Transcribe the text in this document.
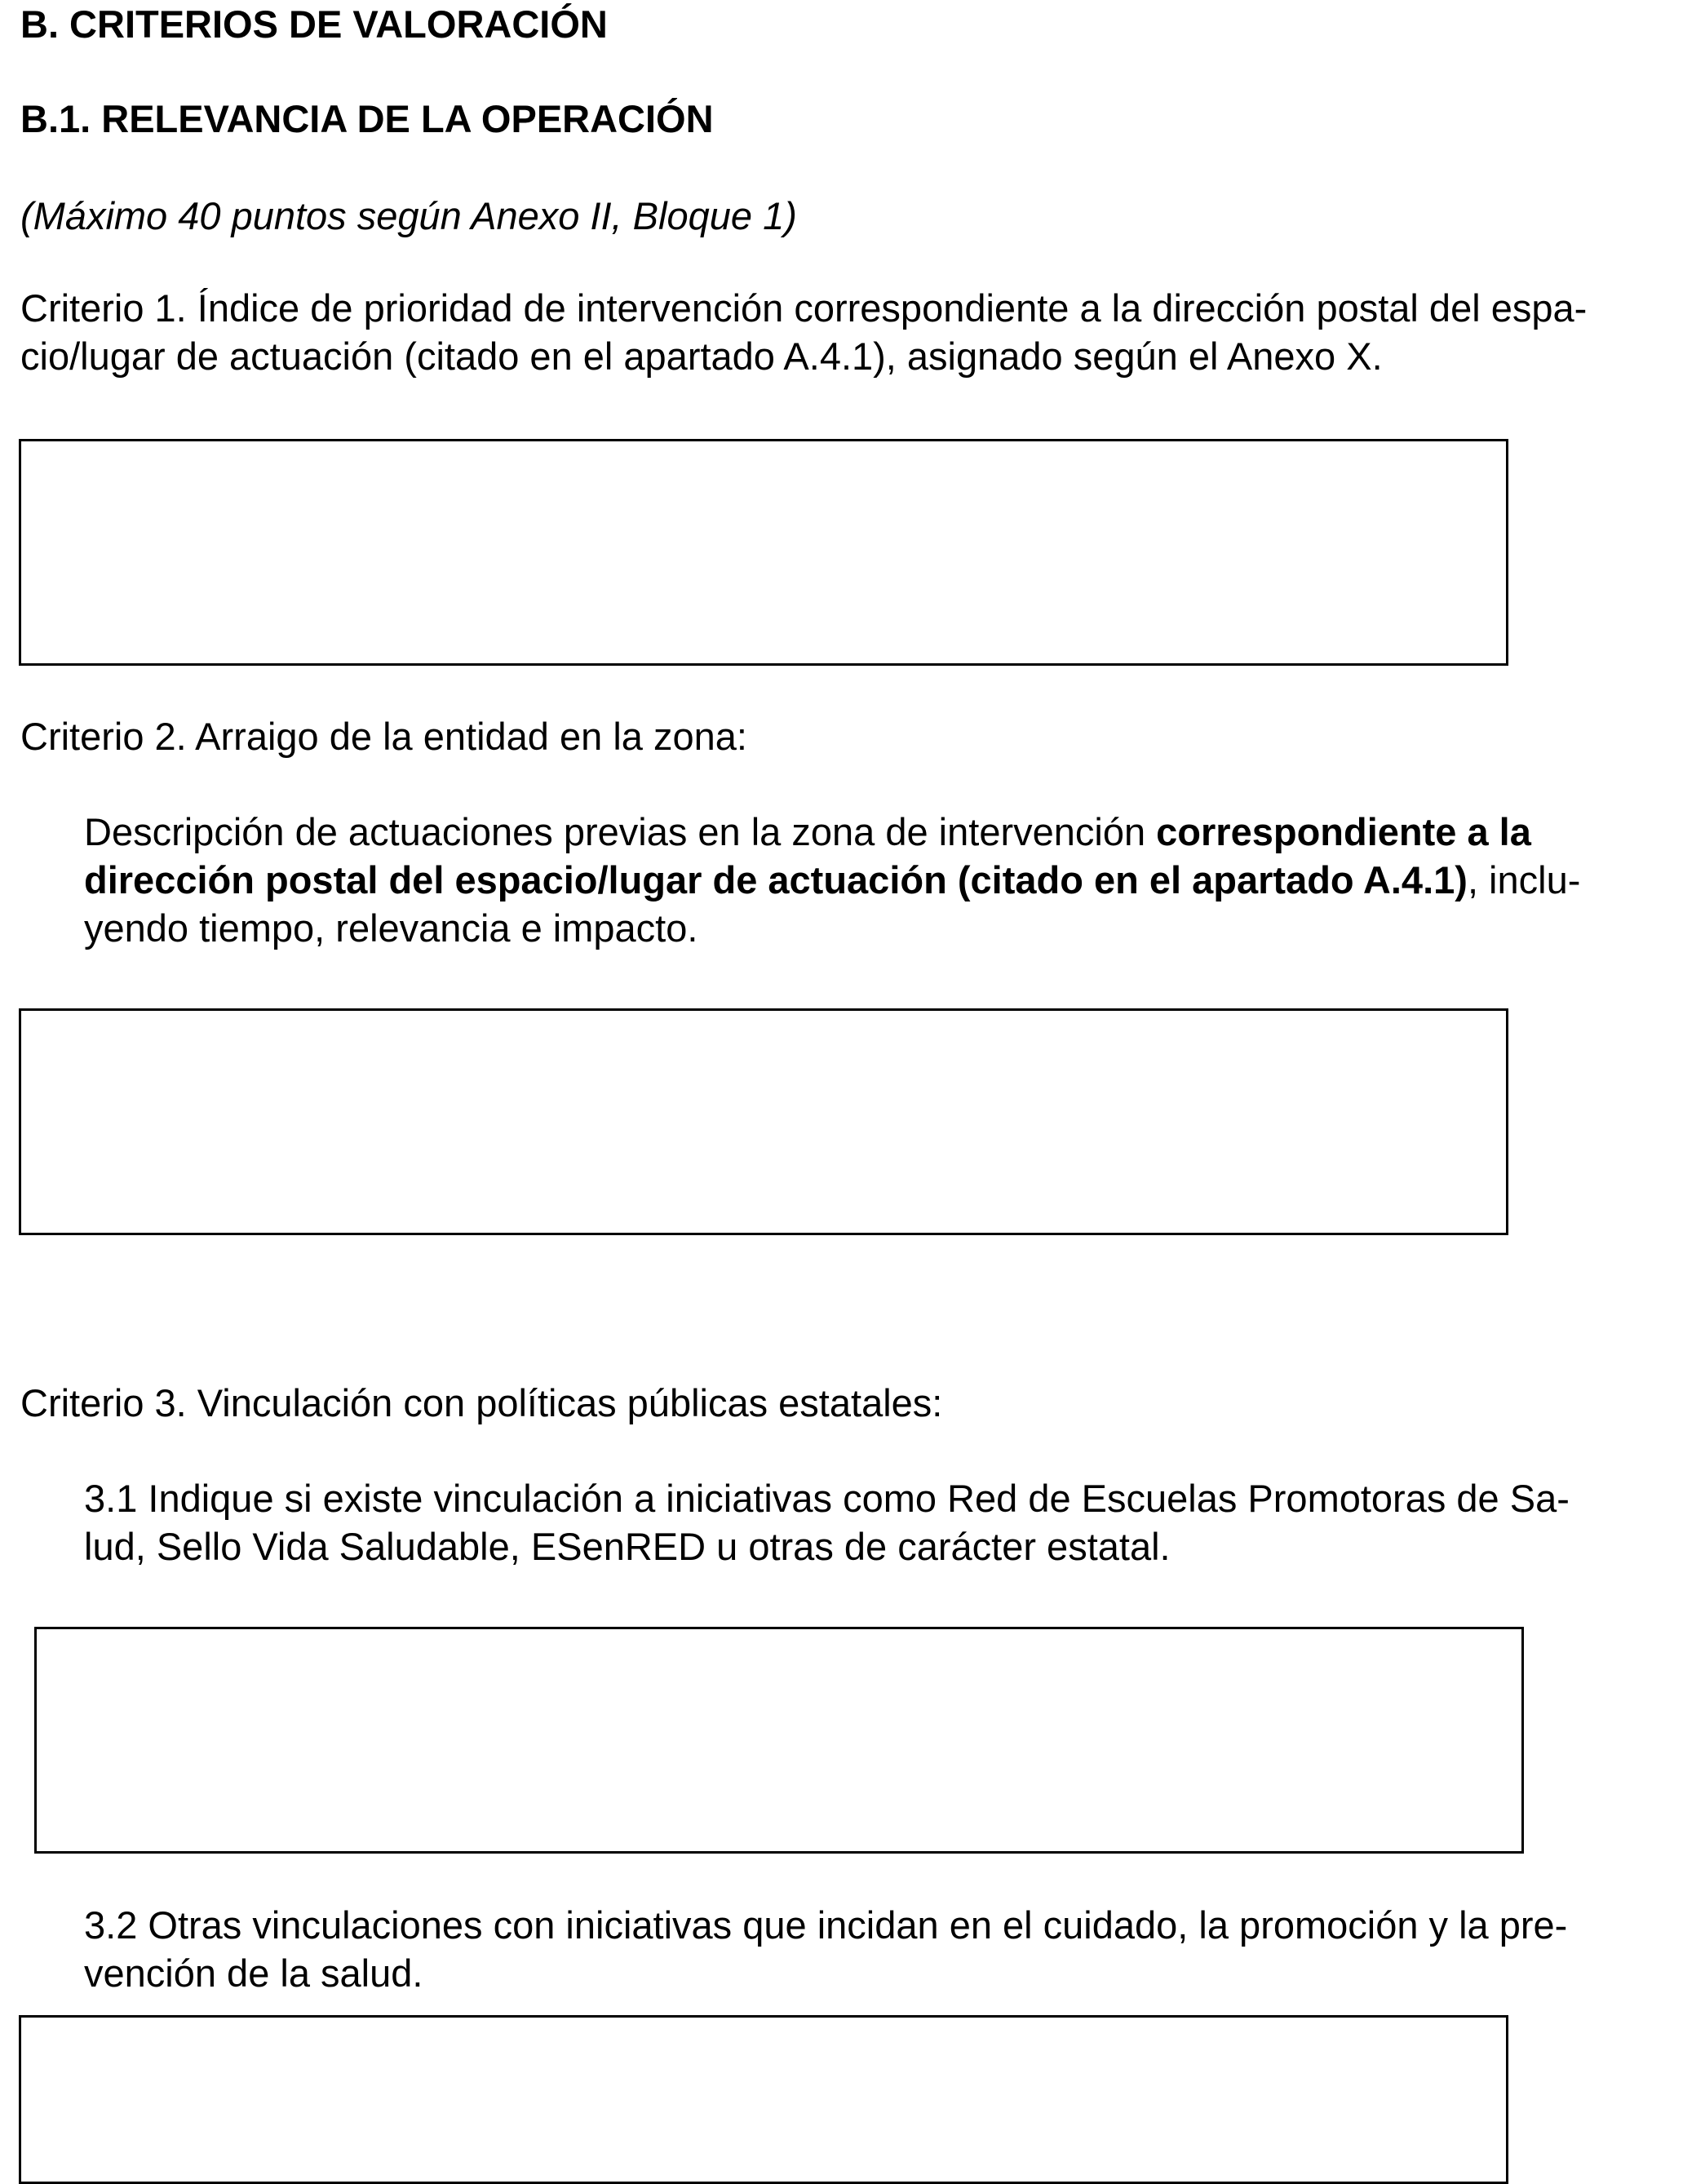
B. CRITERIOS DE VALORACIÓN

B.1. RELEVANCIA DE LA OPERACIÓN

(Máximo 40 puntos según Anexo II, Bloque 1)

Criterio 1. Índice de prioridad de intervención correspondiente a la dirección postal del espa-

cio/lugar de actuación (citado en el apartado A.4.1), asignado según el Anexo X.

Criterio 2. Arraigo de la entidad en la zona:

Descripción de actuaciones previas en la zona de intervención correspondiente a la

dirección postal del espacio/lugar de actuación (citado en el apartado A.4.1), inclu-

yendo tiempo, relevancia e impacto.

Criterio 3. Vinculación con políticas públicas estatales:

3.1 Indique si existe vinculación a iniciativas como Red de Escuelas Promotoras de Sa-

lud, Sello Vida Saludable, ESenRED u otras de carácter estatal.

3.2 Otras vinculaciones con iniciativas que incidan en el cuidado, la promoción y la pre-

vención de la salud.
